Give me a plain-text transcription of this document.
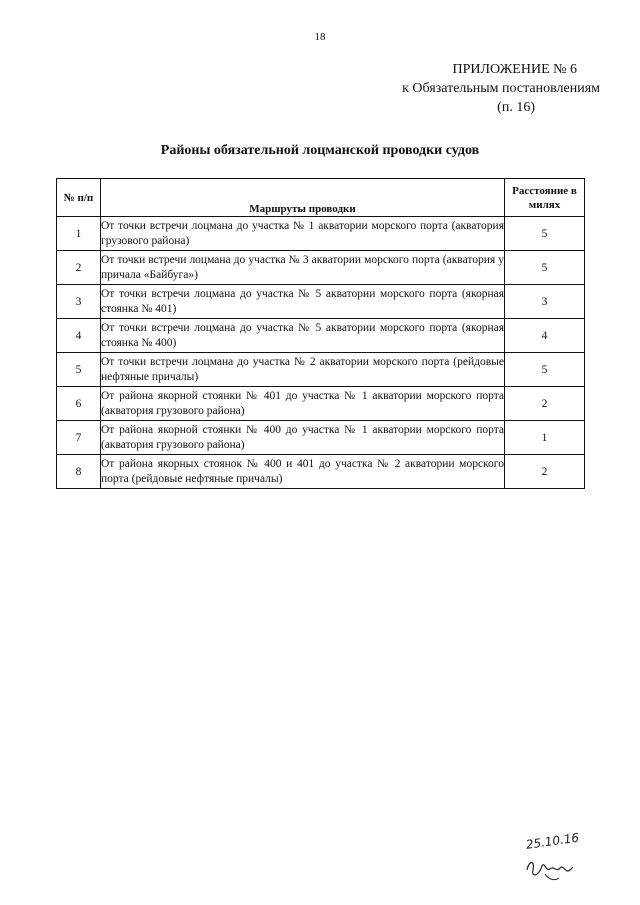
18
ПРИЛОЖЕНИЕ № 6
к Обязательным постановлениям
(п. 16)
Районы обязательной лоцманской проводки судов
№ п/п	Маршруты проводки	Расстояние в милях
1	От точки встречи лоцмана до участка № 1 акватории морского порта (акватория грузового района)	5
2	От точки встречи лоцмана до участка № 3 акватории морского порта (акватория у причала «Байбуга»)	5
3	От точки встречи лоцмана до участка № 5 акватории морского порта (якорная стоянка № 401)	3
4	От точки встречи лоцмана до участка № 5 акватории морского порта (якорная стоянка № 400)	4
5	От точки встречи лоцмана до участка № 2 акватории морского порта (рейдовые нефтяные причалы)	5
6	От района якорной стоянки № 401 до участка № 1 акватории морского порта (акватория грузового района)	2
7	От района якорной стоянки № 400 до участка № 1 акватории морского порта (акватория грузового района)	1
8	От района якорных стоянок № 400 и 401 до участка № 2 акватории морского порта (рейдовые нефтяные причалы)	2
25.10.16
